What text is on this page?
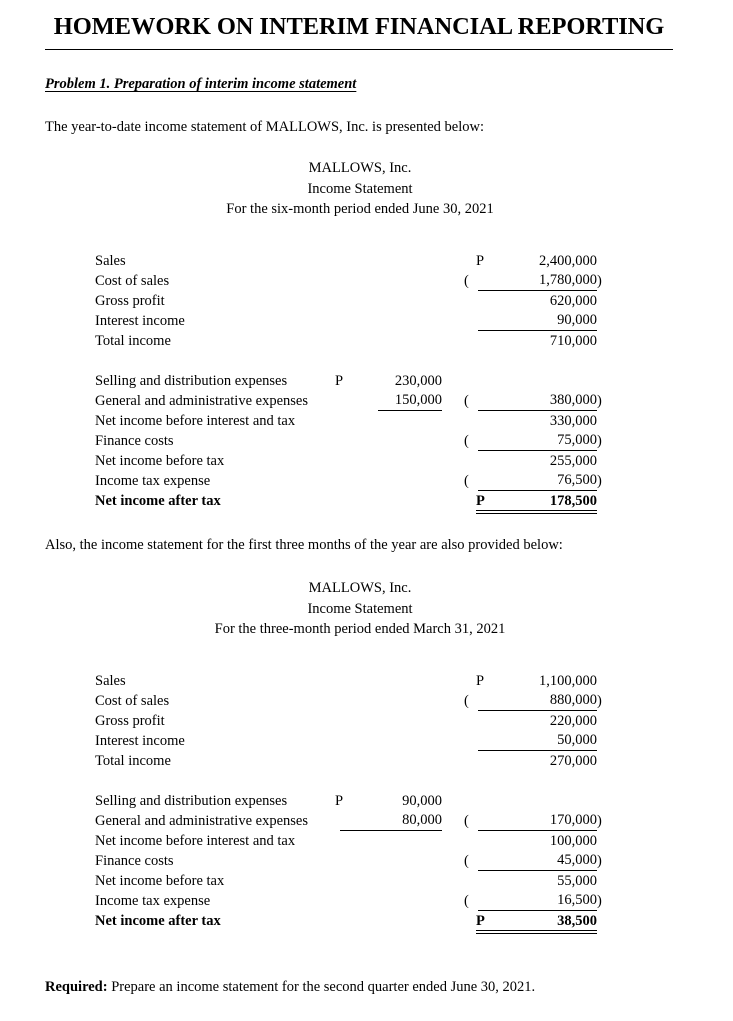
HOMEWORK ON INTERIM FINANCIAL REPORTING
Problem 1. Preparation of interim income statement
The year-to-date income statement of MALLOWS, Inc. is presented below:
MALLOWS, Inc.
Income Statement
For the six-month period ended June 30, 2021
Sales	P	2,400,000
Cost of sales	(	1,780,000 )
Gross profit	620,000
Interest income	90,000
Total income	710,000
Selling and distribution expenses	P	230,000
General and administrative expenses	150,000 (	380,000 )
Net income before interest and tax	330,000
Finance costs	(	75,000 )
Net income before tax	255,000
Income tax expense	(	76,500 )
Net income after tax	P	178,500
Also, the income statement for the first three months of the year are also provided below:
MALLOWS, Inc.
Income Statement
For the three-month period ended March 31, 2021
Sales	P	1,100,000
Cost of sales	(	880,000 )
Gross profit	220,000
Interest income	50,000
Total income	270,000
Selling and distribution expenses	P	90,000
General and administrative expenses	80,000 (	170,000 )
Net income before interest and tax	100,000
Finance costs	(	45,000 )
Net income before tax	55,000
Income tax expense	(	16,500 )
Net income after tax	P	38,500
Required: Prepare an income statement for the second quarter ended June 30, 2021.
